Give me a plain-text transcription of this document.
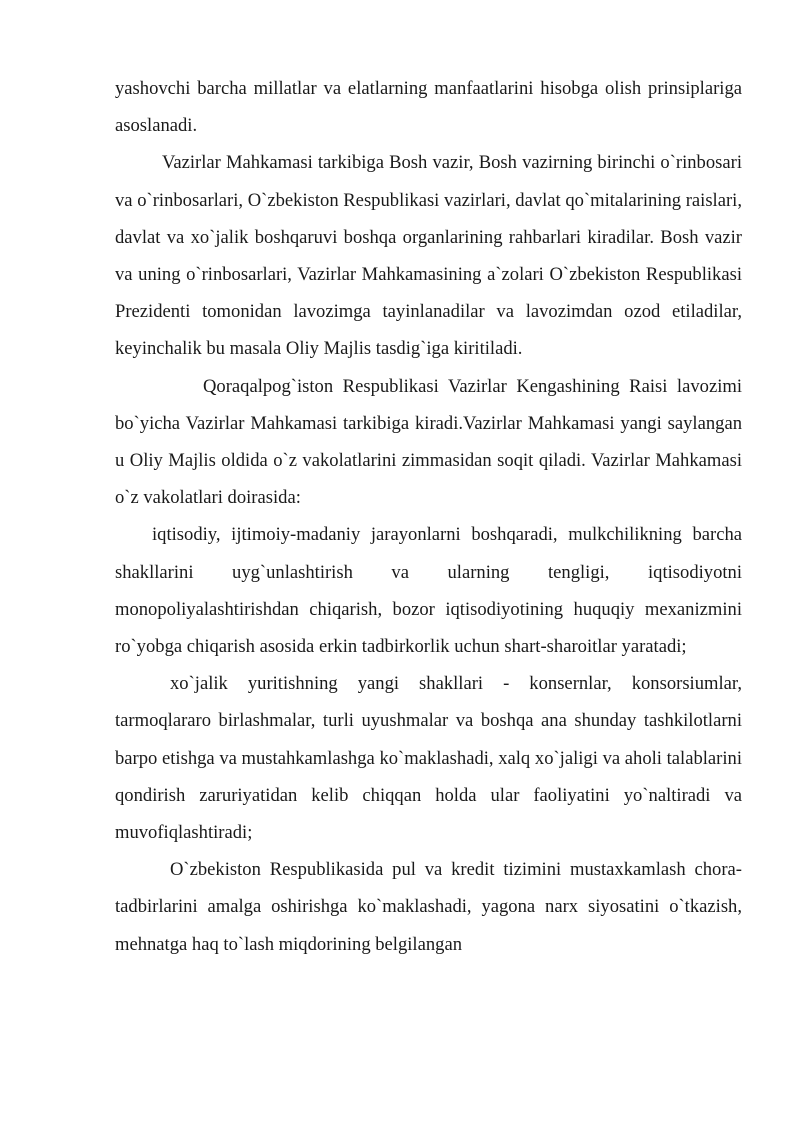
yashovchi barcha millatlar va elatlarning manfaatlarini hisobga olish prinsiplariga asoslanadi.

Vazirlar Mahkamasi tarkibiga Bosh vazir, Bosh vazirning birinchi o`rinbosari va o`rinbosarlari, O`zbekiston Respublikasi vazirlari, davlat qo`mitalarining raislari, davlat va xo`jalik boshqaruvi boshqa organlarining rahbarlari kiradilar. Bosh vazir va uning o`rinbosarlari, Vazirlar Mahkamasining a`zolari O`zbekiston Respublikasi Prezidenti tomonidan lavozimga tayinlanadilar va lavozimdan ozod etiladilar, keyinchalik bu masala Oliy Majlis tasdig`iga kiritiladi.

Qoraqalpog`iston Respublikasi Vazirlar Kengashining Raisi lavozimi bo`yicha Vazirlar Mahkamasi tarkibiga kiradi.Vazirlar Mahkamasi yangi saylangan u Oliy Majlis oldida o`z vakolatlarini zimmasidan soqit qiladi. Vazirlar Mahkamasi o`z vakolatlari doirasida:

iqtisodiy, ijtimoiy-madaniy jarayonlarni boshqaradi, mulkchilikning barcha shakllarini uyg`unlashtirish va ularning tengligi, iqtisodiyotni monopoliyalashtirishdan chiqarish, bozor iqtisodiyotining huquqiy mexanizmini ro`yobga chiqarish asosida erkin tadbirkorlik uchun shart-sharoitlar yaratadi;

xo`jalik yuritishning yangi shakllari - konsernlar, konsorsiumlar, tarmoqlararo birlashmalar, turli uyushmalar va boshqa ana shunday tashkilotlarni barpo etishga va mustahkamlashga ko`maklashadi, xalq xo`jaligi va aholi talablarini qondirish zaruriyatidan kelib chiqqan holda ular faoliyatini yo`naltiradi va muvofiqlashtiradi;

O`zbekiston Respublikasida pul va kredit tizimini mustaxkamlash chora-tadbirlarini amalga oshirishga ko`maklashadi, yagona narx siyosatini o`tkazish, mehnatga haq to`lash miqdorining belgilangan
